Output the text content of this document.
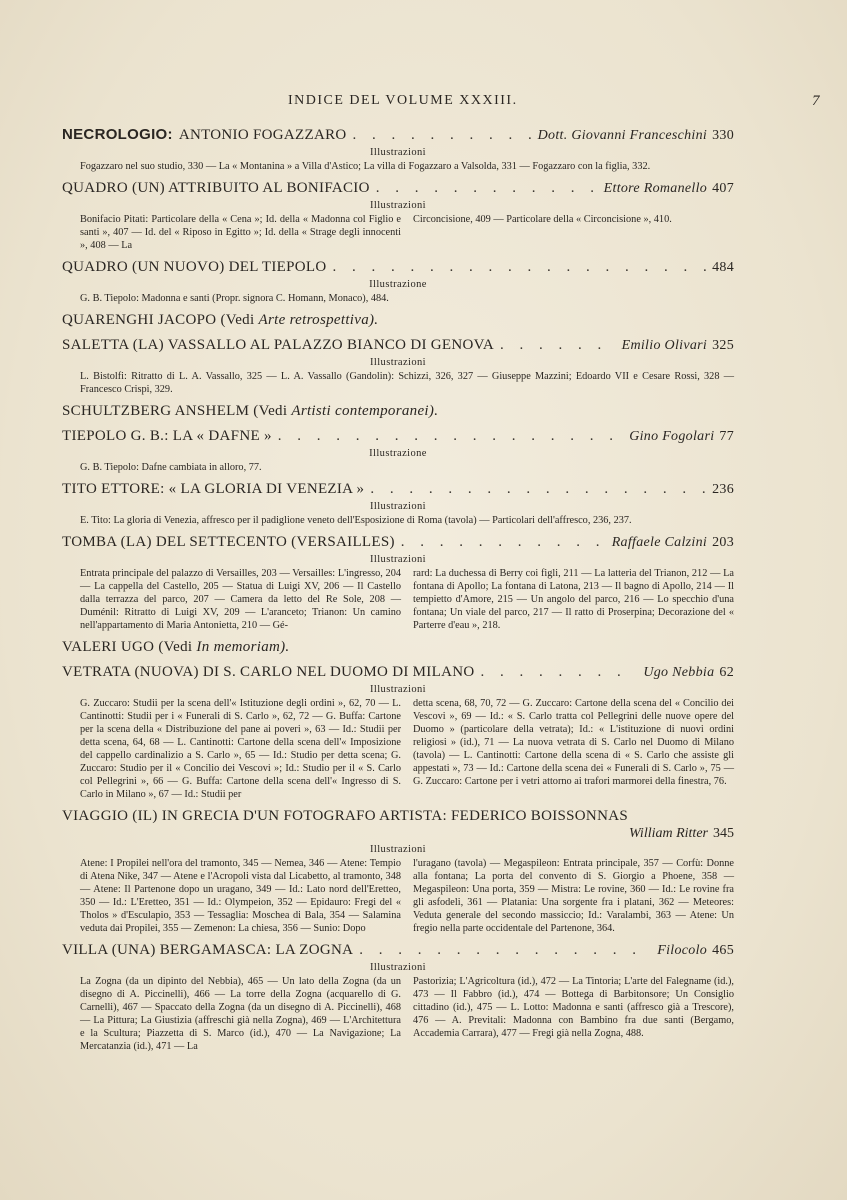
INDICE DEL VOLUME XXXIII.	7
NECROLOGIO: ANTONIO FOGAZZARO . . .	Dott. Giovanni Franceschini 330
Illustrazioni
Fogazzaro nel suo studio, 330 — La « Montanina » a Villa d'Astico; La villa di Fogazzaro a Valsolda, 331 — Fogazzaro con la figlia, 332.
QUADRO (UN) ATTRIBUITO AL BONIFACIO . . .	Ettore Romanello 407
Illustrazioni
Bonifacio Pitati: Particolare della « Cena »; Id. della « Madonna col Figlio e santi », 407 — Id. del « Riposo in Egitto »; Id. della « Strage degli innocenti », 408 — La
Circoncisione, 409 — Particolare della « Circoncisione », 410.
QUADRO (UN NUOVO) DEL TIEPOLO . . .	484
Illustrazione
G. B. Tiepolo: Madonna e santi (Propr. signora C. Homann, Monaco), 484.
QUARENGHI JACOPO (Vedi
Arte retrospettiva).
SALETTA (LA) VASSALLO AL PALAZZO BIANCO DI GENOVA . . .	Emilio Olivari 325
Illustrazioni
L. Bistolfi: Ritratto di L. A. Vassallo, 325 — L. A. Vassallo (Gandolin): Schizzi, 326, 327 — Giuseppe Mazzini; Edoardo VII e Cesare Rossi, 328 — Francesco Crispi, 329.
SCHULTZBERG ANSHELM (Vedi
Artisti contemporanei).
TIEPOLO G. B.: LA « DAFNE » . . .	Gino Fogolari 77
Illustrazione
G. B. Tiepolo: Dafne cambiata in alloro, 77.
TITO ETTORE: « LA GLORIA DI VENEZIA » . . .	236
Illustrazioni
E. Tito: La gloria di Venezia, affresco per il padiglione veneto dell'Esposizione di Roma (tavola) — Particolari dell'affresco, 236, 237.
TOMBA (LA) DEL SETTECENTO (VERSAILLES) . . .	Raffaele Calzini 203
Illustrazioni
Entrata principale del palazzo di Versailles, 203 — Versailles: L'ingresso, 204 — La cappella del Castello, 205 — Statua di Luigi XV, 206 — Il Castello dalla terrazza del parco, 207 — Camera da letto del Re Sole, 208 — Duménil: Ritratto di Luigi XV, 209 — L'aranceto; Trianon: Un camino nell'appartamento di Maria Antonietta, 210 — Gé-
rard: La duchessa di Berry coi figli, 211 — La latteria del Trianon, 212 — La fontana di Apollo; La fontana di Latona, 213 — Il bagno di Apollo, 214 — Il tempietto d'Amore, 215 — Un angolo del parco, 216 — Lo specchio d'una fontana; Un viale del parco, 217 — Il ratto di Proserpina; Decorazione del « Parterre d'eau », 218.
VALERI UGO (Vedi
In memoriam).
VETRATA (NUOVA) DI S. CARLO NEL DUOMO DI MILANO . . .	Ugo Nebbia 62
Illustrazioni
G. Zuccaro: Studii per la scena dell'« Istituzione degli ordini », 62, 70 — L. Cantinotti: Studii per i « Funerali di S. Carlo », 62, 72 — G. Buffa: Cartone per la scena della « Distribuzione del pane ai poveri », 63 — Id.: Studii per detta scena, 64, 68 — L. Cantinotti: Cartone della scena dell'« Imposizione del cappello cardinalizio a S. Carlo », 65 — Id.: Studio per detta scena; G. Zuccaro: Studio per il « Concilio dei Vescovi »; Id.: Studio per il « S. Carlo col Pellegrini », 66 — G. Buffa: Cartone della scena dell'« Ingresso di S. Carlo in Milano », 67 — Id.: Studii per
detta scena, 68, 70, 72 — G. Zuccaro: Cartone della scena del « Concilio dei Vescovi », 69 — Id.: « S. Carlo tratta col Pellegrini delle nuove opere del Duomo » (particolare della vetrata); Id.: « L'istituzione di nuovi ordini religiosi » (id.), 71 — La nuova vetrata di S. Carlo nel Duomo di Milano (tavola) — L. Cantinotti: Cartone della scena di « S. Carlo che assiste gli appestati », 73 — Id.: Cartone della scena dei « Funerali di S. Carlo », 75 — G. Zuccaro: Cartone per i vetri attorno ai trafori marmorei della finestra, 76.
VIAGGIO (IL) IN GRECIA D'UN FOTOGRAFO ARTISTA: FEDERICO BOISSONNAS
William Ritter 345
Illustrazioni
Atene: I Propilei nell'ora del tramonto, 345 — Nemea, 346 — Atene: Tempio di Atena Nike, 347 — Atene e l'Acropoli vista dal Licabetto, al tramonto, 348 — Atene: Il Partenone dopo un uragano, 349 — Id.: Lato nord dell'Eretteo, 350 — Id.: L'Eretteo, 351 — Id.: Olympeion, 352 — Epidauro: Fregi del « Tholos » d'Esculapio, 353 — Tessaglia: Moschea di Bala, 354 — Salamina veduta dai Propilei, 355 — Zemenon: La chiesa, 356 — Sunio: Dopo
l'uragano (tavola) — Megaspileon: Entrata principale, 357 — Corfù: Donne alla fontana; La porta del convento di S. Giorgio a Phoene, 358 — Megaspileon: Una porta, 359 — Mistra: Le rovine, 360 — Id.: Le rovine fra gli asfodeli, 361 — Platania: Una sorgente fra i platani, 362 — Meteores: Veduta generale del secondo massiccio; Id.: Varalambi, 363 — Atene: Un fregio nella parte occidentale del Partenone, 364.
VILLA (UNA) BERGAMASCA: LA ZOGNA . . .	Filocolo 465
Illustrazioni
La Zogna (da un dipinto del Nebbia), 465 — Un lato della Zogna (da un disegno di A. Piccinelli), 466 — La torre della Zogna (acquarello di G. Carnelli), 467 — Spaccato della Zogna (da un disegno di A. Piccinelli), 468 — La Pittura; La Giustizia (affreschi già nella Zogna), 469 — L'Architettura e la Scultura; Piazzetta di S. Marco (id.), 470 — La Navigazione; La Mercatanzia (id.), 471 — La
Pastorizia; L'Agricoltura (id.), 472 — La Tintoria; L'arte del Falegname (id.), 473 — Il Fabbro (id.), 474 — Bottega di Barbitonsore; Un Consiglio cittadino (id.), 475 — L. Lotto: Madonna e santi (affresco già a Trescore), 476 — A. Previtali: Madonna con Bambino fra due santi (Bergamo, Accademia Carrara), 477 — Fregi già nella Zogna, 488.
